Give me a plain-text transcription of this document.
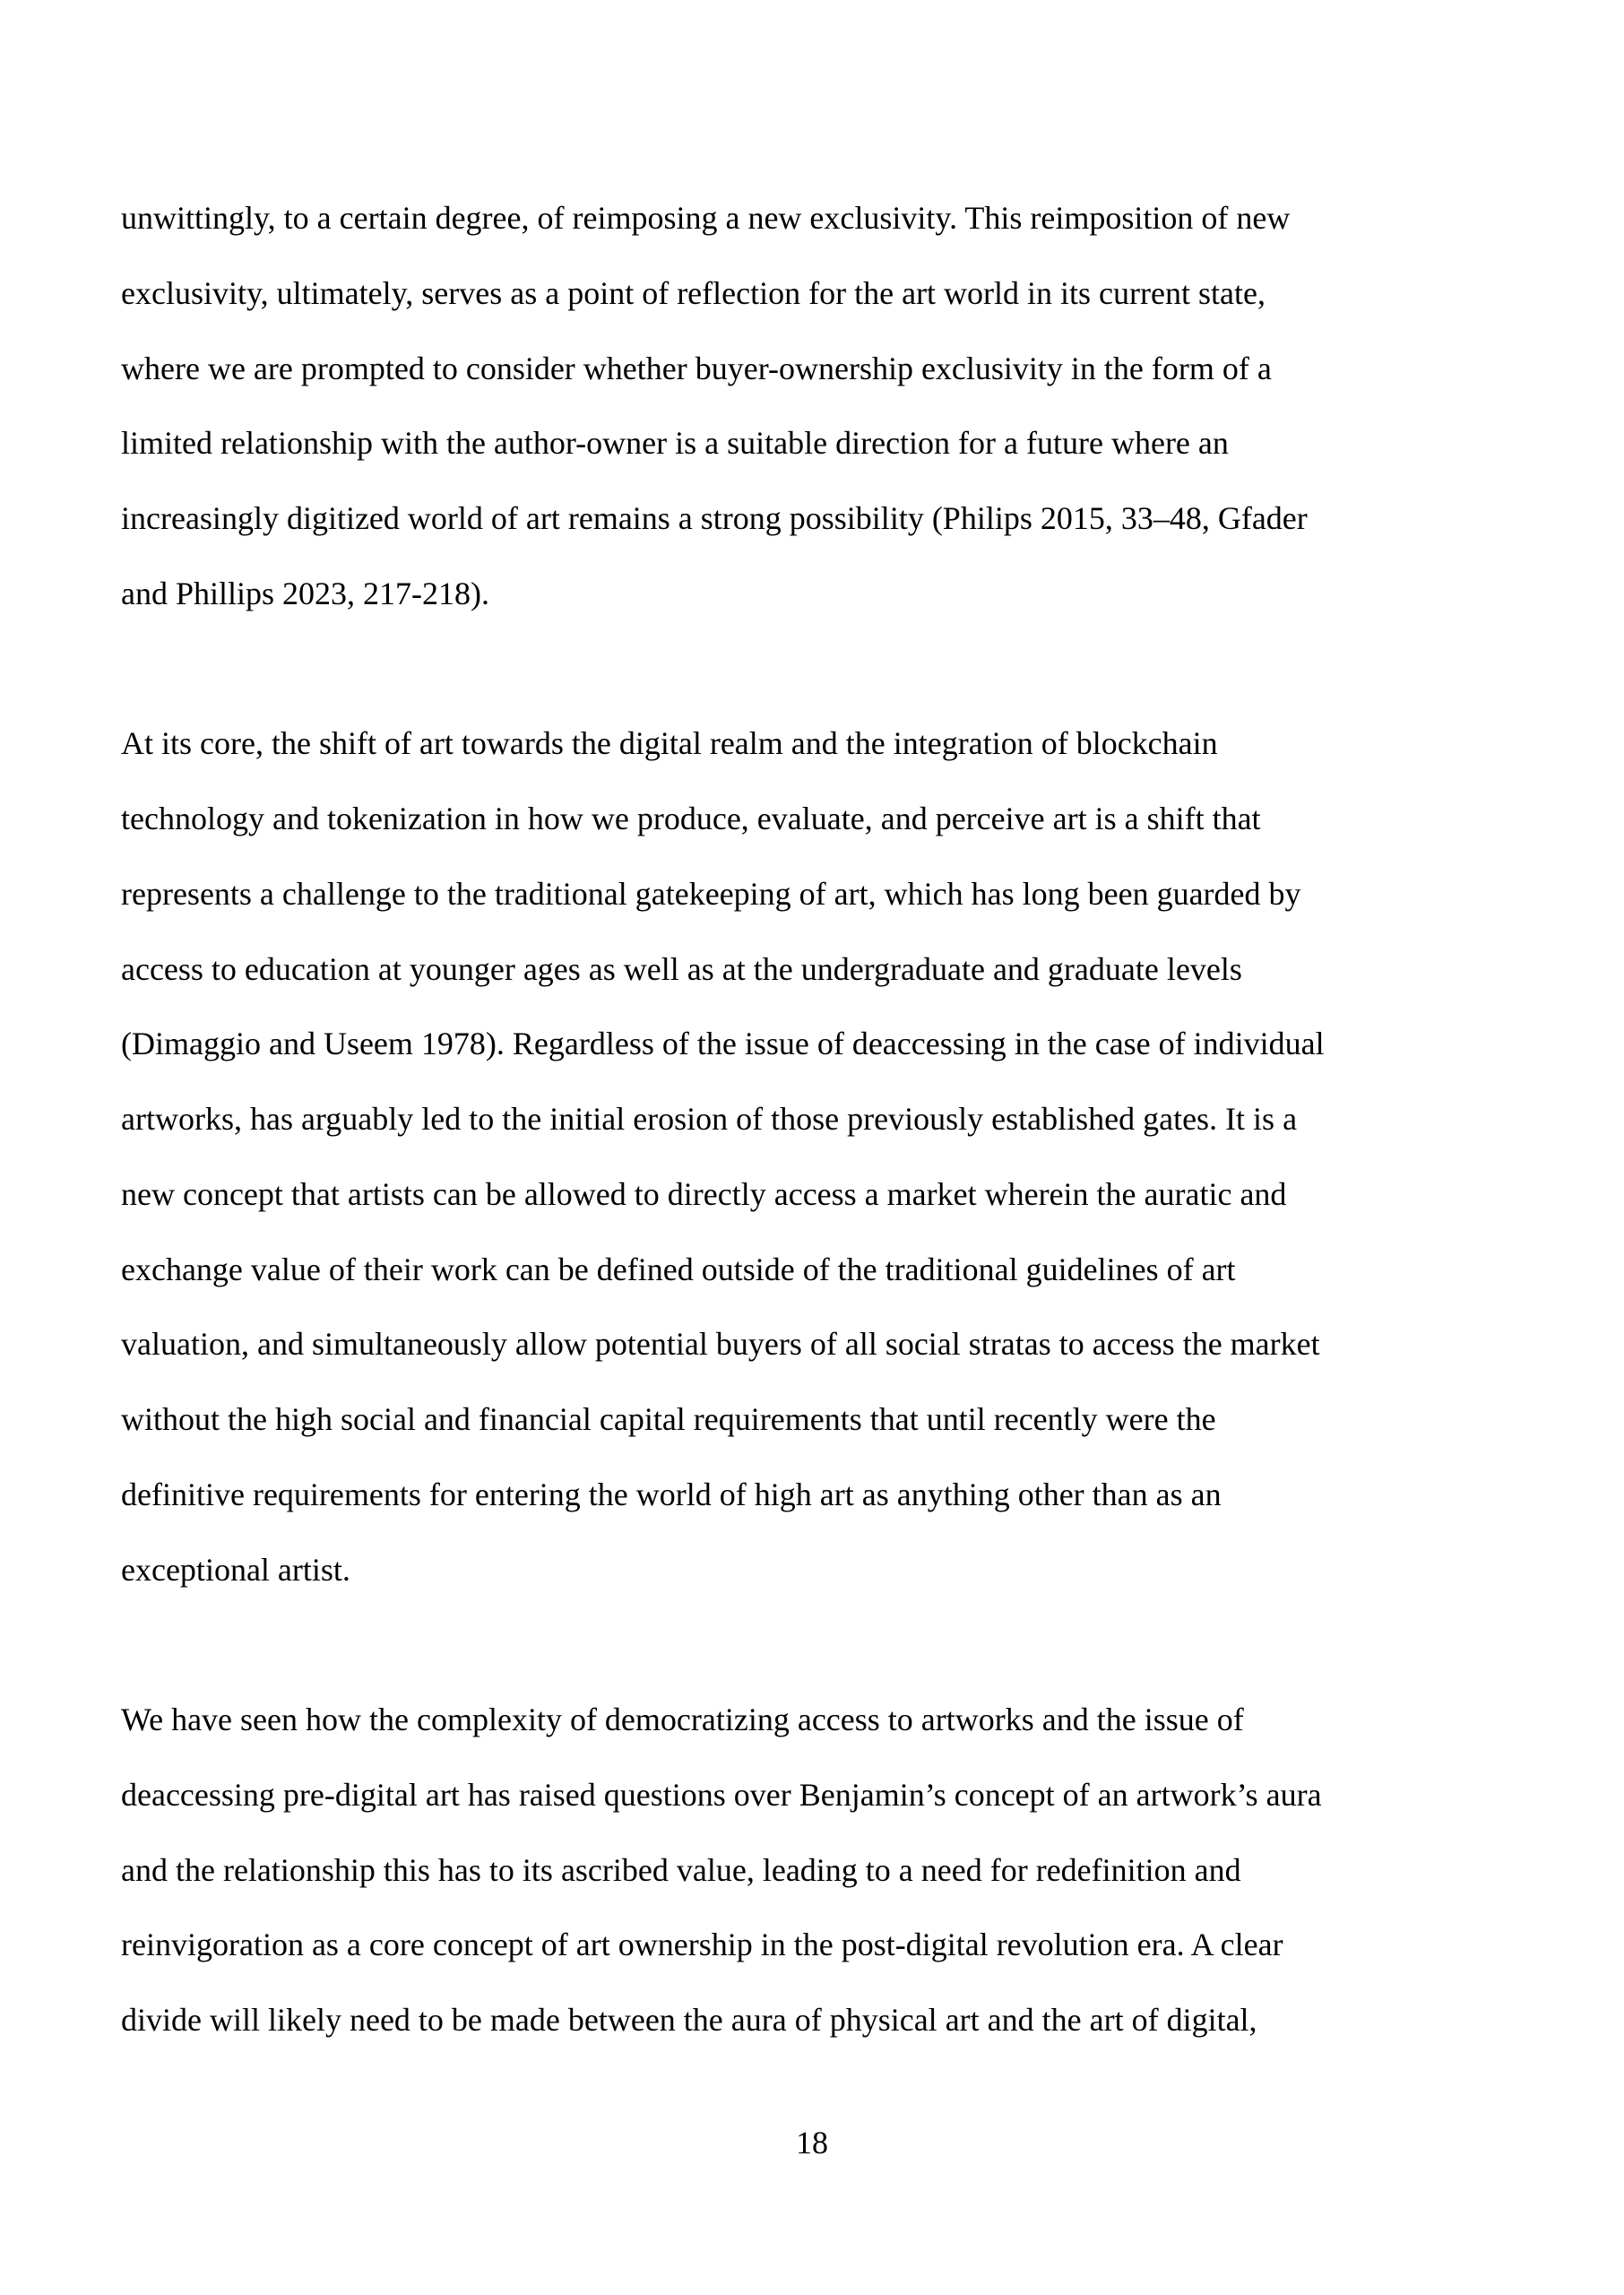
unwittingly, to a certain degree, of reimposing a new exclusivity. This reimposition of new
exclusivity, ultimately, serves as a point of reflection for the art world in its current state,
where we are prompted to consider whether buyer-ownership exclusivity in the form of a
limited relationship with the author-owner is a suitable direction for a future where an
increasingly digitized world of art remains a strong possibility (Philips 2015, 33–48, Gfader
and Phillips 2023, 217-218).
At its core, the shift of art towards the digital realm and the integration of blockchain
technology and tokenization in how we produce, evaluate, and perceive art is a shift that
represents a challenge to the traditional gatekeeping of art, which has long been guarded by
access to education at younger ages as well as at the undergraduate and graduate levels
(Dimaggio and Useem 1978). Regardless of the issue of deaccessing in the case of individual
artworks, has arguably led to the initial erosion of those previously established gates. It is a
new concept that artists can be allowed to directly access a market wherein the auratic and
exchange value of their work can be defined outside of the traditional guidelines of art
valuation, and simultaneously allow potential buyers of all social stratas to access the market
without the high social and financial capital requirements that until recently were the
definitive requirements for entering the world of high art as anything other than as an
exceptional artist.
We have seen how the complexity of democratizing access to artworks and the issue of
deaccessing pre-digital art has raised questions over Benjamin’s concept of an artwork’s aura
and the relationship this has to its ascribed value, leading to a need for redefinition and
reinvigoration as a core concept of art ownership in the post-digital revolution era. A clear
divide will likely need to be made between the aura of physical art and the art of digital,
18
